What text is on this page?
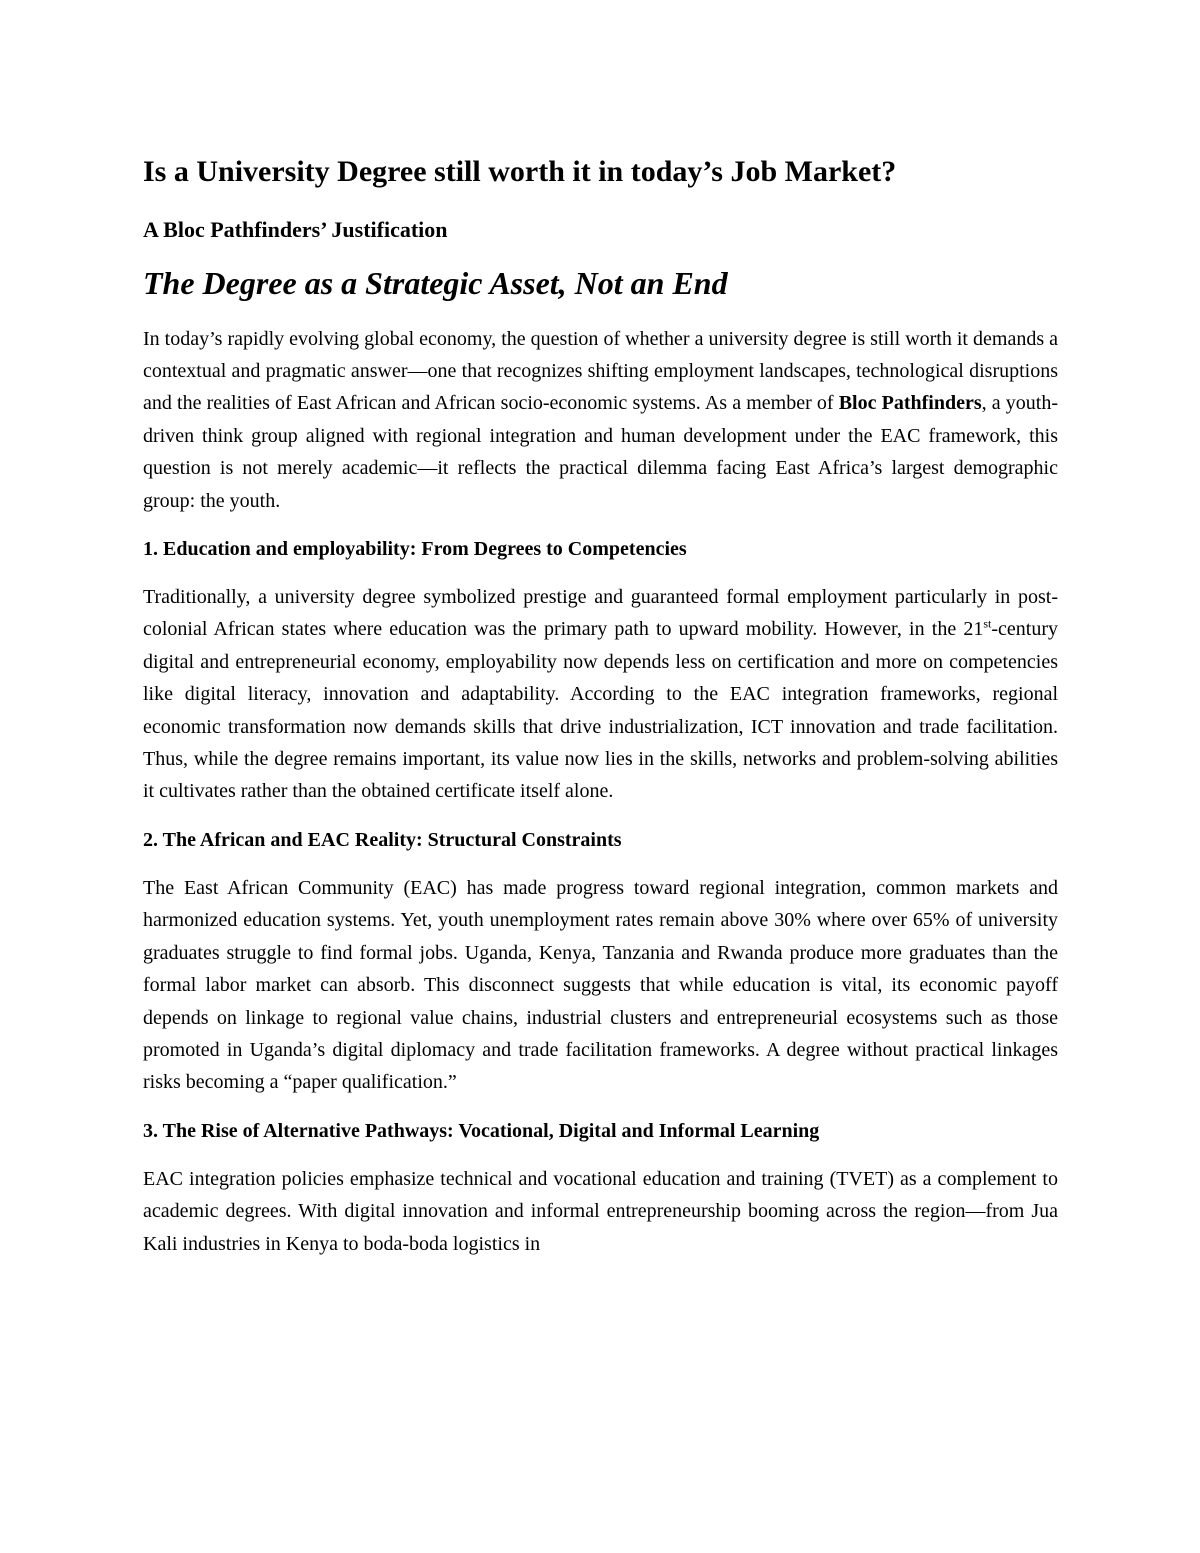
Is a University Degree still worth it in today’s Job Market?
A Bloc Pathfinders’ Justification
The Degree as a Strategic Asset, Not an End

In today’s rapidly evolving global economy, the question of whether a university degree is still worth it demands a contextual and pragmatic answer—one that recognizes shifting employment landscapes, technological disruptions and the realities of East African and African socio-economic systems. As a member of Bloc Pathfinders, a youth-driven think group aligned with regional integration and human development under the EAC framework, this question is not merely academic—it reflects the practical dilemma facing East Africa’s largest demographic group: the youth.

1. Education and employability: From Degrees to Competencies

Traditionally, a university degree symbolized prestige and guaranteed formal employment particularly in post-colonial African states where education was the primary path to upward mobility. However, in the 21st-century digital and entrepreneurial economy, employability now depends less on certification and more on competencies like digital literacy, innovation and adaptability. According to the EAC integration frameworks, regional economic transformation now demands skills that drive industrialization, ICT innovation and trade facilitation. Thus, while the degree remains important, its value now lies in the skills, networks and problem-solving abilities it cultivates rather than the obtained certificate itself alone.

2. The African and EAC Reality: Structural Constraints

The East African Community (EAC) has made progress toward regional integration, common markets and harmonized education systems. Yet, youth unemployment rates remain above 30% where over 65% of university graduates struggle to find formal jobs. Uganda, Kenya, Tanzania and Rwanda produce more graduates than the formal labor market can absorb. This disconnect suggests that while education is vital, its economic payoff depends on linkage to regional value chains, industrial clusters and entrepreneurial ecosystems such as those promoted in Uganda’s digital diplomacy and trade facilitation frameworks. A degree without practical linkages risks becoming a “paper qualification.”

3. The Rise of Alternative Pathways: Vocational, Digital and Informal Learning

EAC integration policies emphasize technical and vocational education and training (TVET) as a complement to academic degrees. With digital innovation and informal entrepreneurship booming across the region—from Jua Kali industries in Kenya to boda-boda logistics in
